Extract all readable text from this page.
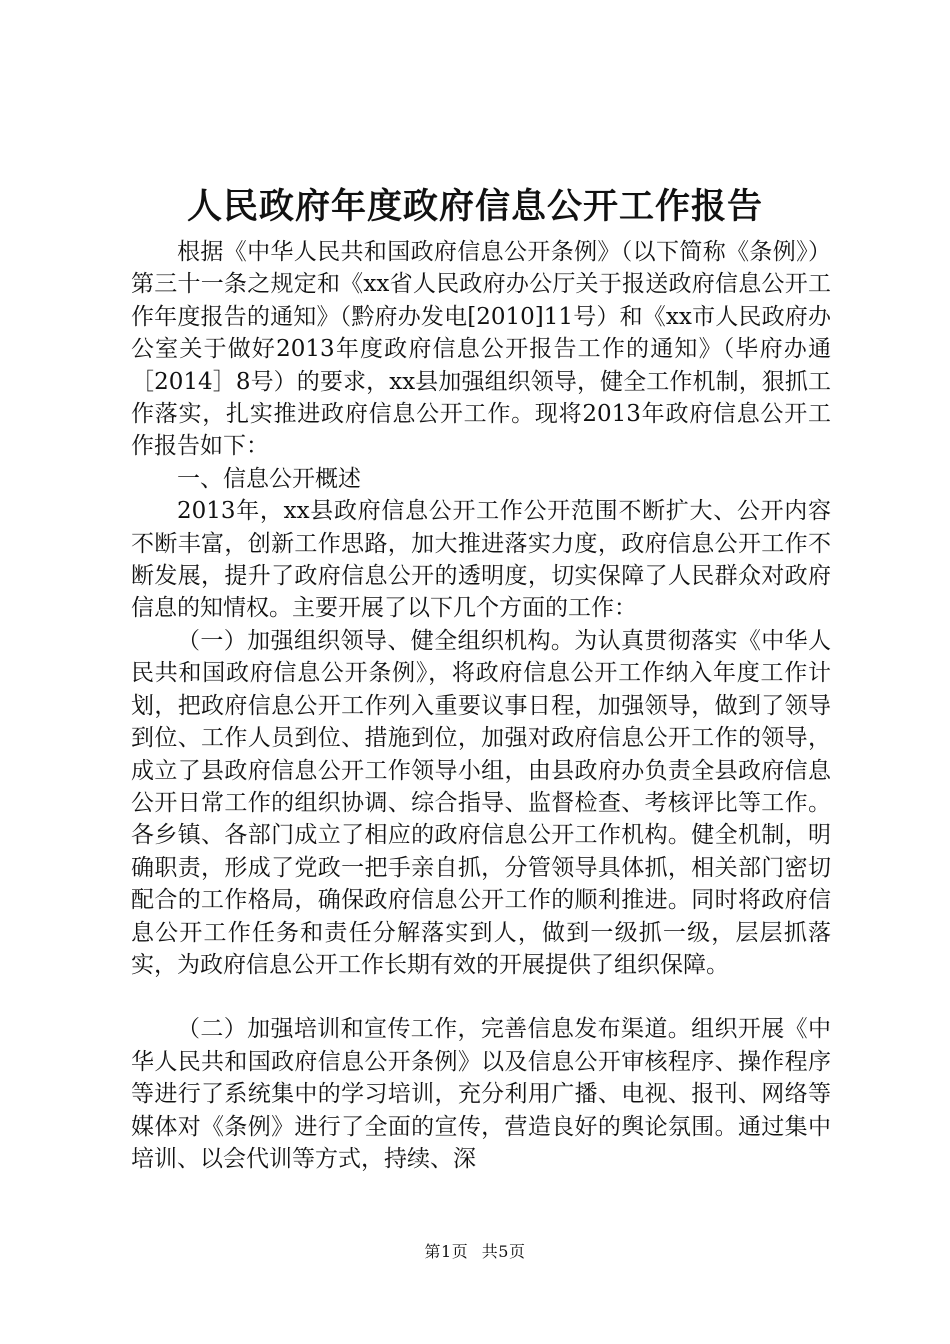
人民政府年度政府信息公开工作报告

根据《中华人民共和国政府信息公开条例》（以下简称《条例》）第三十一条之规定和《xx省人民政府办公厅关于报送政府信息公开工作年度报告的通知》（黔府办发电[2010]11号）和《xx市人民政府办公室关于做好2013年度政府信息公开报告工作的通知》（毕府办通［2014］8号）的要求，xx县加强组织领导，健全工作机制，狠抓工作落实，扎实推进政府信息公开工作。现将2013年政府信息公开工作报告如下：

一、信息公开概述

2013年，xx县政府信息公开工作公开范围不断扩大、公开内容不断丰富，创新工作思路，加大推进落实力度，政府信息公开工作不断发展，提升了政府信息公开的透明度，切实保障了人民群众对政府信息的知情权。主要开展了以下几个方面的工作：

（一）加强组织领导、健全组织机构。为认真贯彻落实《中华人民共和国政府信息公开条例》，将政府信息公开工作纳入年度工作计划，把政府信息公开工作列入重要议事日程，加强领导，做到了领导到位、工作人员到位、措施到位，加强对政府信息公开工作的领导，成立了县政府信息公开工作领导小组，由县政府办负责全县政府信息公开日常工作的组织协调、综合指导、监督检查、考核评比等工作。各乡镇、各部门成立了相应的政府信息公开工作机构。健全机制，明确职责，形成了党政一把手亲自抓，分管领导具体抓，相关部门密切配合的工作格局，确保政府信息公开工作的顺利推进。同时将政府信息公开工作任务和责任分解落实到人，做到一级抓一级，层层抓落实，为政府信息公开工作长期有效的开展提供了组织保障。

（二）加强培训和宣传工作，完善信息发布渠道。组织开展《中华人民共和国政府信息公开条例》以及信息公开审核程序、操作程序等进行了系统集中的学习培训，充分利用广播、电视、报刊、网络等媒体对《条例》进行了全面的宣传，营造良好的舆论氛围。通过集中培训、以会代训等方式，持续、深

第1页 共5页
